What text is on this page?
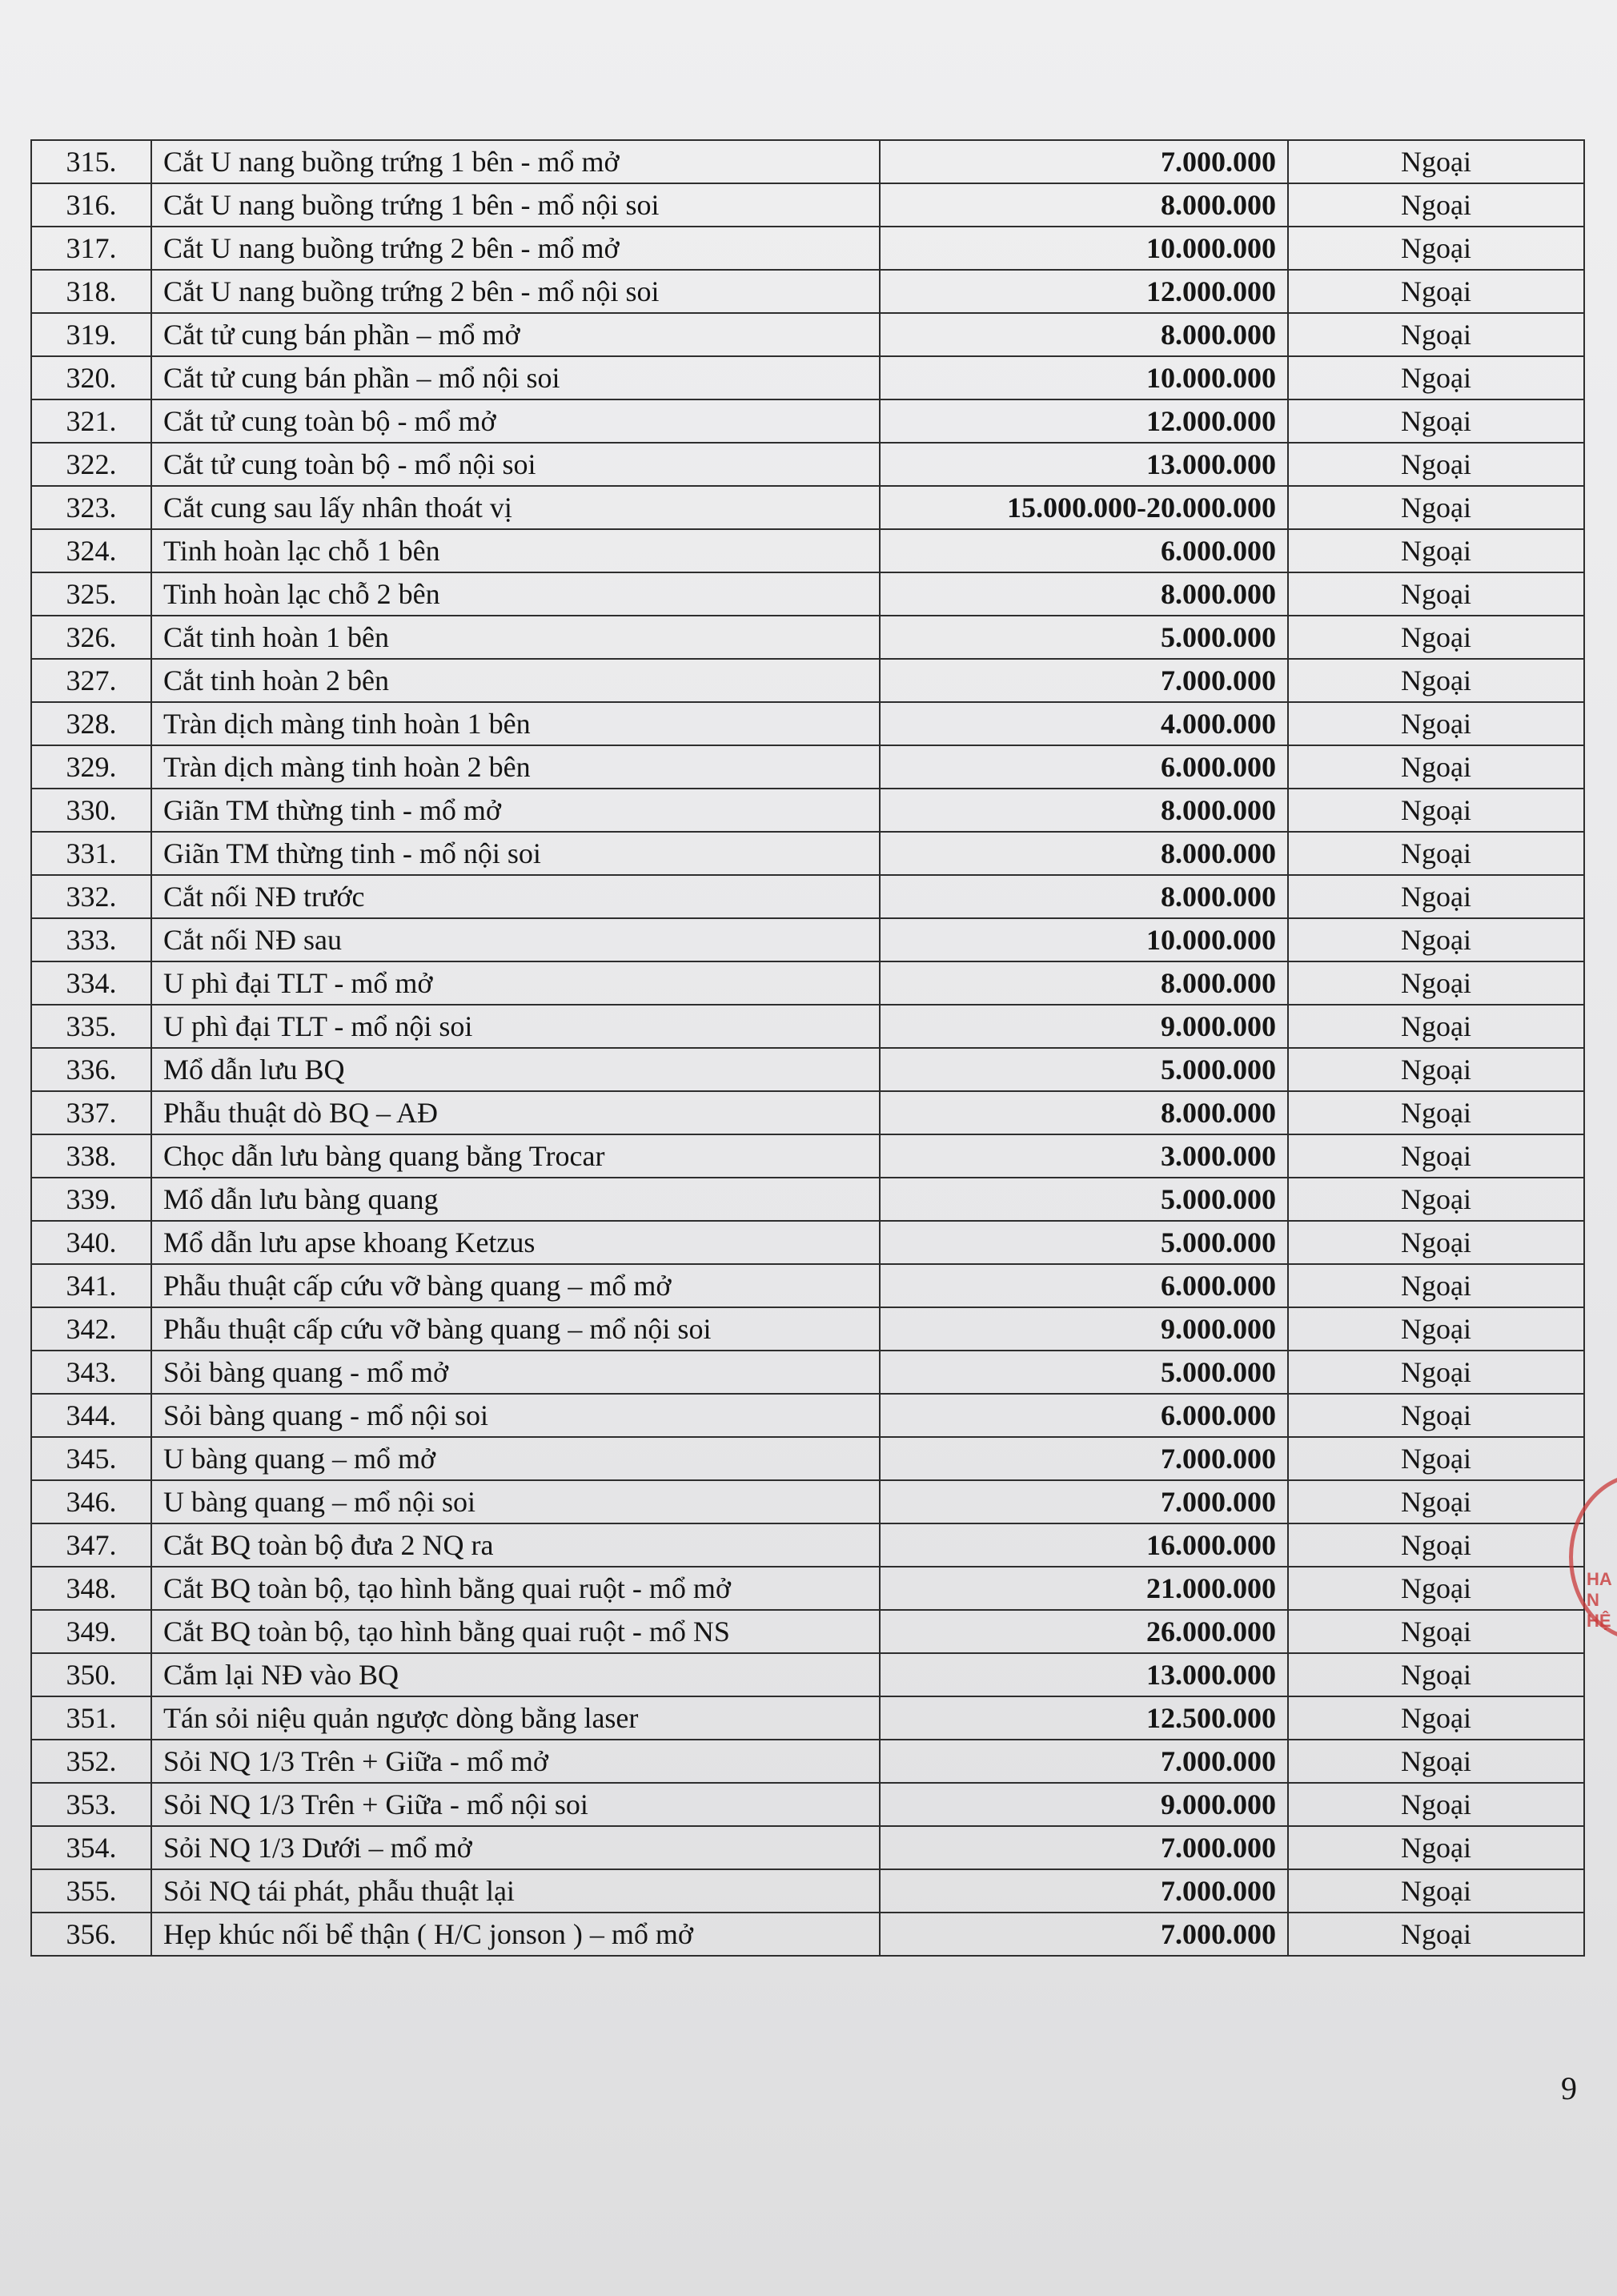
315.	Cắt U nang buồng trứng 1 bên - mổ mở	7.000.000	Ngoại
316.	Cắt U nang buồng trứng 1 bên - mổ nội soi	8.000.000	Ngoại
317.	Cắt U nang buồng trứng 2 bên - mổ mở	10.000.000	Ngoại
318.	Cắt U nang buồng trứng 2 bên - mổ nội soi	12.000.000	Ngoại
319.	Cắt tử cung bán phần – mổ mở	8.000.000	Ngoại
320.	Cắt tử cung bán phần – mổ nội soi	10.000.000	Ngoại
321.	Cắt tử cung toàn bộ - mổ mở	12.000.000	Ngoại
322.	Cắt tử cung toàn bộ - mổ nội soi	13.000.000	Ngoại
323.	Cắt cung sau lấy nhân thoát vị	15.000.000-20.000.000	Ngoại
324.	Tinh hoàn lạc chỗ 1 bên	6.000.000	Ngoại
325.	Tinh hoàn lạc chỗ 2 bên	8.000.000	Ngoại
326.	Cắt tinh hoàn 1 bên	5.000.000	Ngoại
327.	Cắt tinh hoàn 2 bên	7.000.000	Ngoại
328.	Tràn dịch màng tinh hoàn 1 bên	4.000.000	Ngoại
329.	Tràn dịch màng tinh hoàn 2 bên	6.000.000	Ngoại
330.	Giãn TM thừng tinh - mổ mở	8.000.000	Ngoại
331.	Giãn TM thừng tinh - mổ nội soi	8.000.000	Ngoại
332.	Cắt nối NĐ trước	8.000.000	Ngoại
333.	Cắt nối NĐ sau	10.000.000	Ngoại
334.	U phì đại TLT - mổ mở	8.000.000	Ngoại
335.	U phì đại TLT - mổ nội soi	9.000.000	Ngoại
336.	Mổ dẫn lưu BQ	5.000.000	Ngoại
337.	Phẫu thuật dò BQ – AĐ	8.000.000	Ngoại
338.	Chọc dẫn lưu bàng quang bằng Trocar	3.000.000	Ngoại
339.	Mổ dẫn lưu bàng quang	5.000.000	Ngoại
340.	Mổ dẫn lưu apse khoang Ketzus	5.000.000	Ngoại
341.	Phẫu thuật cấp cứu vỡ bàng quang – mổ mở	6.000.000	Ngoại
342.	Phẫu thuật cấp cứu vỡ bàng quang – mổ nội soi	9.000.000	Ngoại
343.	Sỏi bàng quang - mổ mở	5.000.000	Ngoại
344.	Sỏi bàng quang - mổ nội soi	6.000.000	Ngoại
345.	U bàng quang – mổ mở	7.000.000	Ngoại
346.	U bàng quang – mổ nội soi	7.000.000	Ngoại
347.	Cắt BQ toàn bộ đưa 2 NQ ra	16.000.000	Ngoại
348.	Cắt BQ toàn bộ, tạo hình bằng quai ruột - mổ mở	21.000.000	Ngoại
349.	Cắt BQ toàn bộ, tạo hình bằng quai ruột - mổ NS	26.000.000	Ngoại
350.	Cắm lại NĐ vào BQ	13.000.000	Ngoại
351.	Tán sỏi niệu quản ngược dòng bằng laser	12.500.000	Ngoại
352.	Sỏi NQ 1/3 Trên + Giữa - mổ mở	7.000.000	Ngoại
353.	Sỏi NQ 1/3 Trên + Giữa - mổ nội soi	9.000.000	Ngoại
354.	Sỏi NQ 1/3 Dưới – mổ mở	7.000.000	Ngoại
355.	Sỏi NQ tái phát, phẫu thuật lại	7.000.000	Ngoại
356.	Hẹp khúc nối bể thận ( H/C jonson ) – mổ mở	7.000.000	Ngoại
HA
N
HỆ
9
